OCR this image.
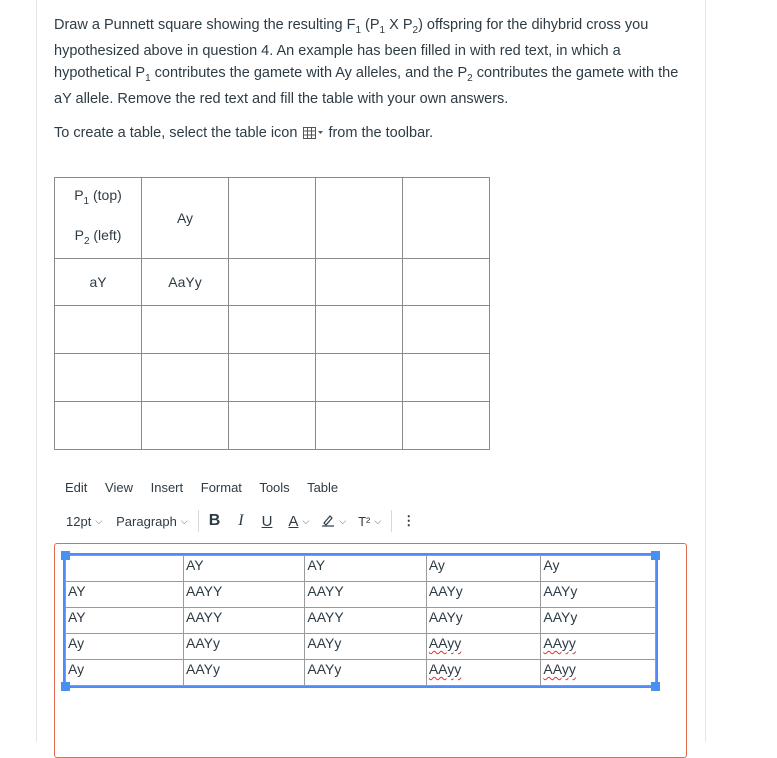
Draw a Punnett square showing the resulting $F_1$ ($P_1$ X $P_2$) offspring for the dihybrid cross you hypothesized above in question 4. An example has been filled in with red text, in which a hypothetical $P_1$ contributes the gamete with Ay alleles, and the $P_2$ contributes the gamete with the aY allele. Remove the red text and fill the table with your own answers.

To create a table, select the table icon from the toolbar.

$P_1$ (top)
$P_2$ (left)	Ay			
aY	AaYy			

Edit View Insert Format Tools Table
12pt ⌵ Paragraph ⌵ B I U A ⌵	⌵ T² ⌵ ⋮
	AY	AY	Ay	Ay
AY	AAYY	AAYY	AAYy	AAYy
AY	AAYY	AAYY	AAYy	AAYy
Ay	AAYy	AAYy	AAyy	AAyy
Ay	AAYy	AAYy	AAyy	AAyy
